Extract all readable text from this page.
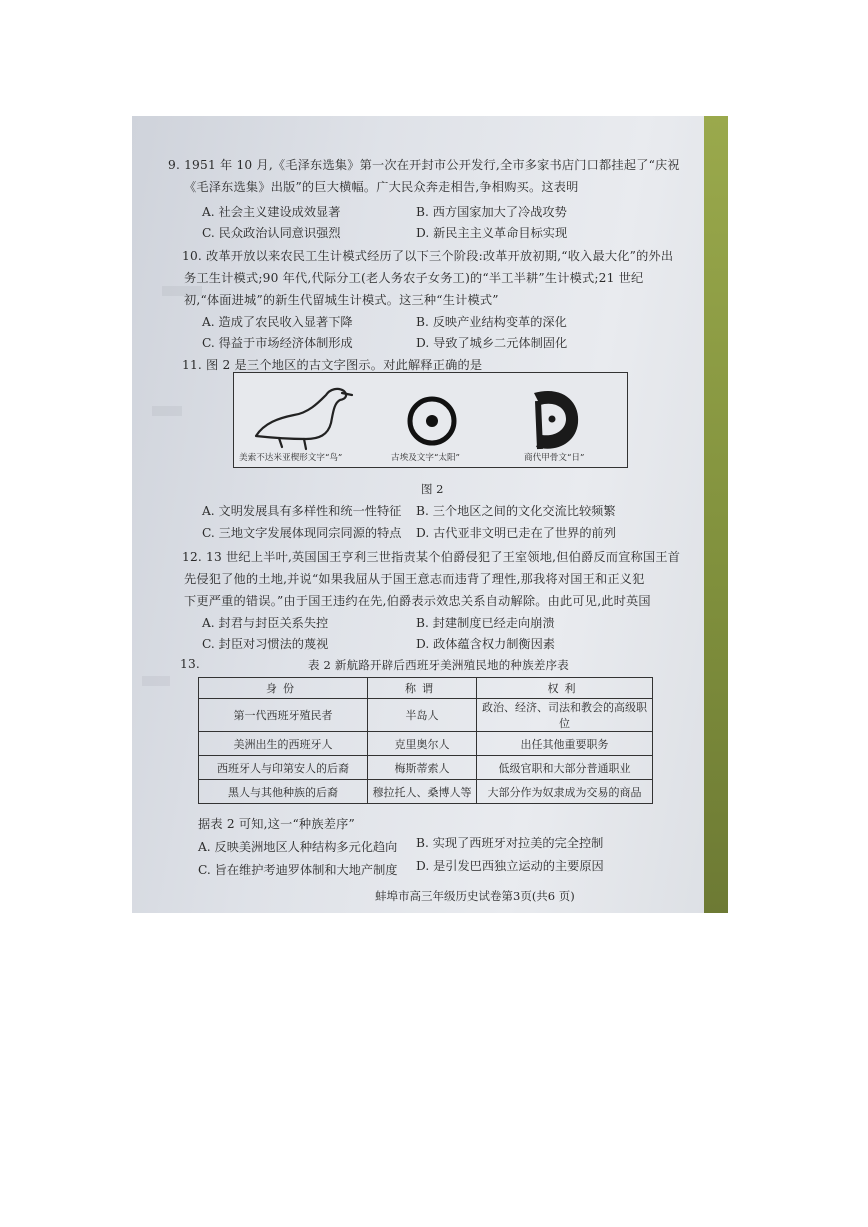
9. 1951 年 10 月,《毛泽东选集》第一次在开封市公开发行,全市多家书店门口都挂起了“庆祝
《毛泽东选集》出版”的巨大横幅。广大民众奔走相告,争相购买。这表明
A. 社会主义建设成效显著	B. 西方国家加大了冷战攻势
C. 民众政治认同意识强烈	D. 新民主主义革命目标实现
10. 改革开放以来农民工生计模式经历了以下三个阶段:改革开放初期,“收入最大化”的外出
务工生计模式;90 年代,代际分工(老人务农子女务工)的“半工半耕”生计模式;21 世纪
初,“体面进城”的新生代留城生计模式。这三种“生计模式”
A. 造成了农民收入显著下降	B. 反映产业结构变革的深化
C. 得益于市场经济体制形成	D. 导致了城乡二元体制固化
11. 图 2 是三个地区的古文字图示。对此解释正确的是
美索不达米亚楔形文字“鸟”	古埃及文字“太阳”	商代甲骨文“日”
图 2
A. 文明发展具有多样性和统一性特征 B. 三个地区之间的文化交流比较频繁
C. 三地文字发展体现同宗同源的特点 D. 古代亚非文明已走在了世界的前列
12. 13 世纪上半叶,英国国王亨利三世指责某个伯爵侵犯了王室领地,但伯爵反而宣称国王首
先侵犯了他的土地,并说“如果我屈从于国王意志而违背了理性,那我将对国王和正义犯
下更严重的错误。”由于国王违约在先,伯爵表示效忠关系自动解除。由此可见,此时英国
A. 封君与封臣关系失控	B. 封建制度已经走向崩溃
C. 封臣对习惯法的蔑视	D. 政体蕴含权力制衡因素
13.	表 2 新航路开辟后西班牙美洲殖民地的种族差序表
身份	称谓	权利
第一代西班牙殖民者	半岛人	政治、经济、司法和教会的高级职位
美洲出生的西班牙人	克里奥尔人	出任其他重要职务
西班牙人与印第安人的后裔	梅斯蒂索人	低级官职和大部分普通职业
黑人与其他种族的后裔	穆拉托人、桑博人等	大部分作为奴隶成为交易的商品
据表 2 可知,这一“种族差序”
A. 反映美洲地区人种结构多元化趋向 B. 实现了西班牙对拉美的完全控制
C. 旨在维护考迪罗体制和大地产制度 D. 是引发巴西独立运动的主要原因
蚌埠市高三年级历史试卷第3页(共6 页)
